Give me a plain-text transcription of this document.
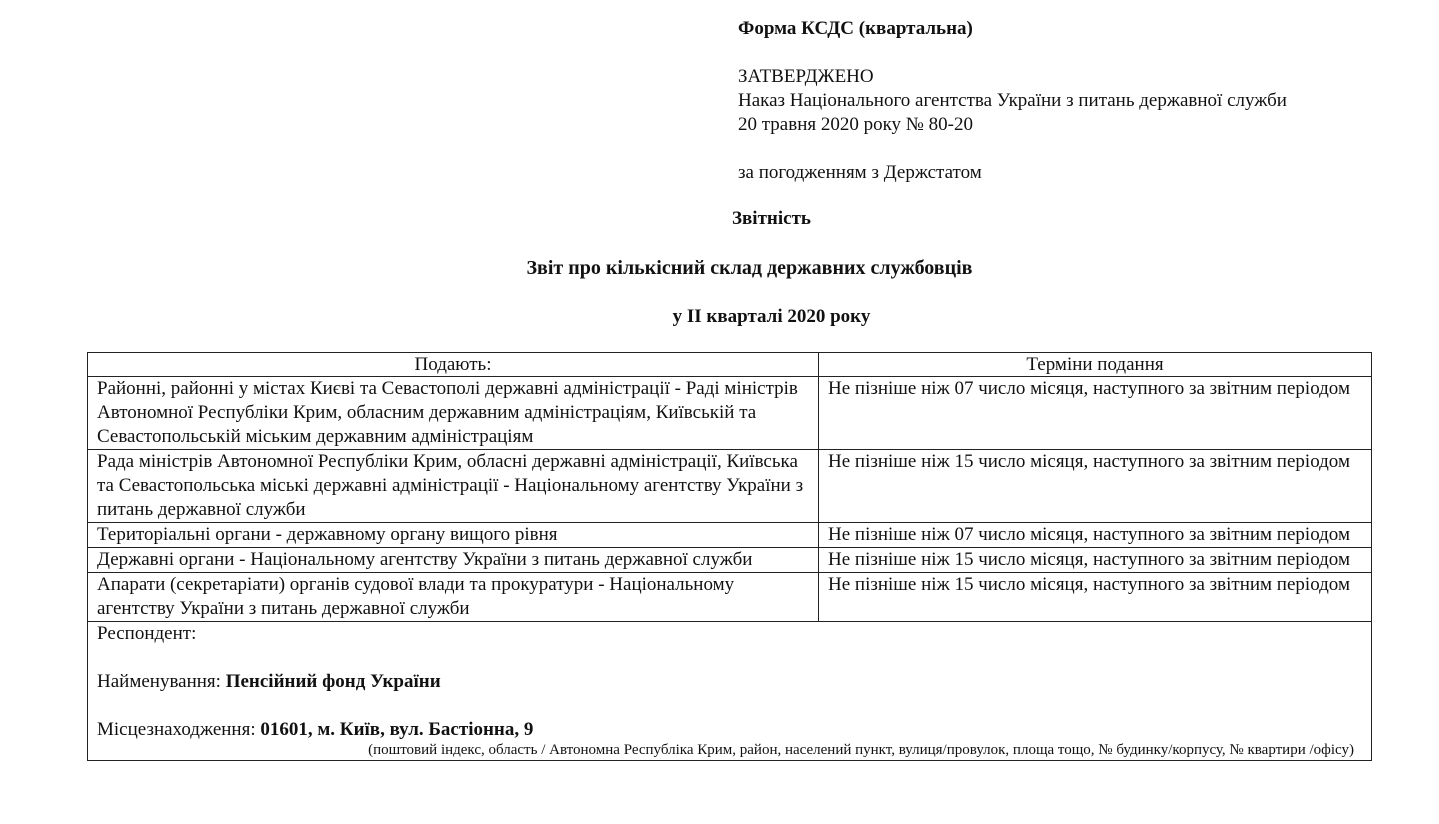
Форма КСДС (квартальна)
ЗАТВЕРДЖЕНО
Наказ Національного агентства України з питань державної служби
20 травня 2020 року № 80-20
за погодженням з Держстатом
Звітність
Звіт про кількісний склад державних службовців
у II кварталі 2020 року
Подають:	Терміни подання
Районні, районні у містах Києві та Севастополі державні адміністрації - Раді міністрів Автономної Республіки Крим, обласним державним адміністраціям, Київській та Севастопольській міським державним адміністраціям	Не пізніше ніж 07 число місяця, наступного за звітним періодом
Рада міністрів Автономної Республіки Крим, обласні державні адміністрації, Київська та Севастопольська міські державні адміністрації - Національному агентству України з питань державної служби	Не пізніше ніж 15 число місяця, наступного за звітним періодом
Територіальні органи - державному органу вищого рівня	Не пізніше ніж 07 число місяця, наступного за звітним періодом
Державні органи - Національному агентству України з питань державної служби	Не пізніше ніж 15 число місяця, наступного за звітним періодом
Апарати (секретаріати) органів судової влади та прокуратури - Національному агентству України з питань державної служби	Не пізніше ніж 15 число місяця, наступного за звітним періодом

Респондент:
Найменування: Пенсійний фонд України
Місцезнаходження: 01601, м. Київ, вул. Бастіонна, 9
(поштовий індекс, область / Автономна Республіка Крим, район, населений пункт, вулиця/провулок, площа тощо, № будинку/корпусу, № квартири /офісу)	
